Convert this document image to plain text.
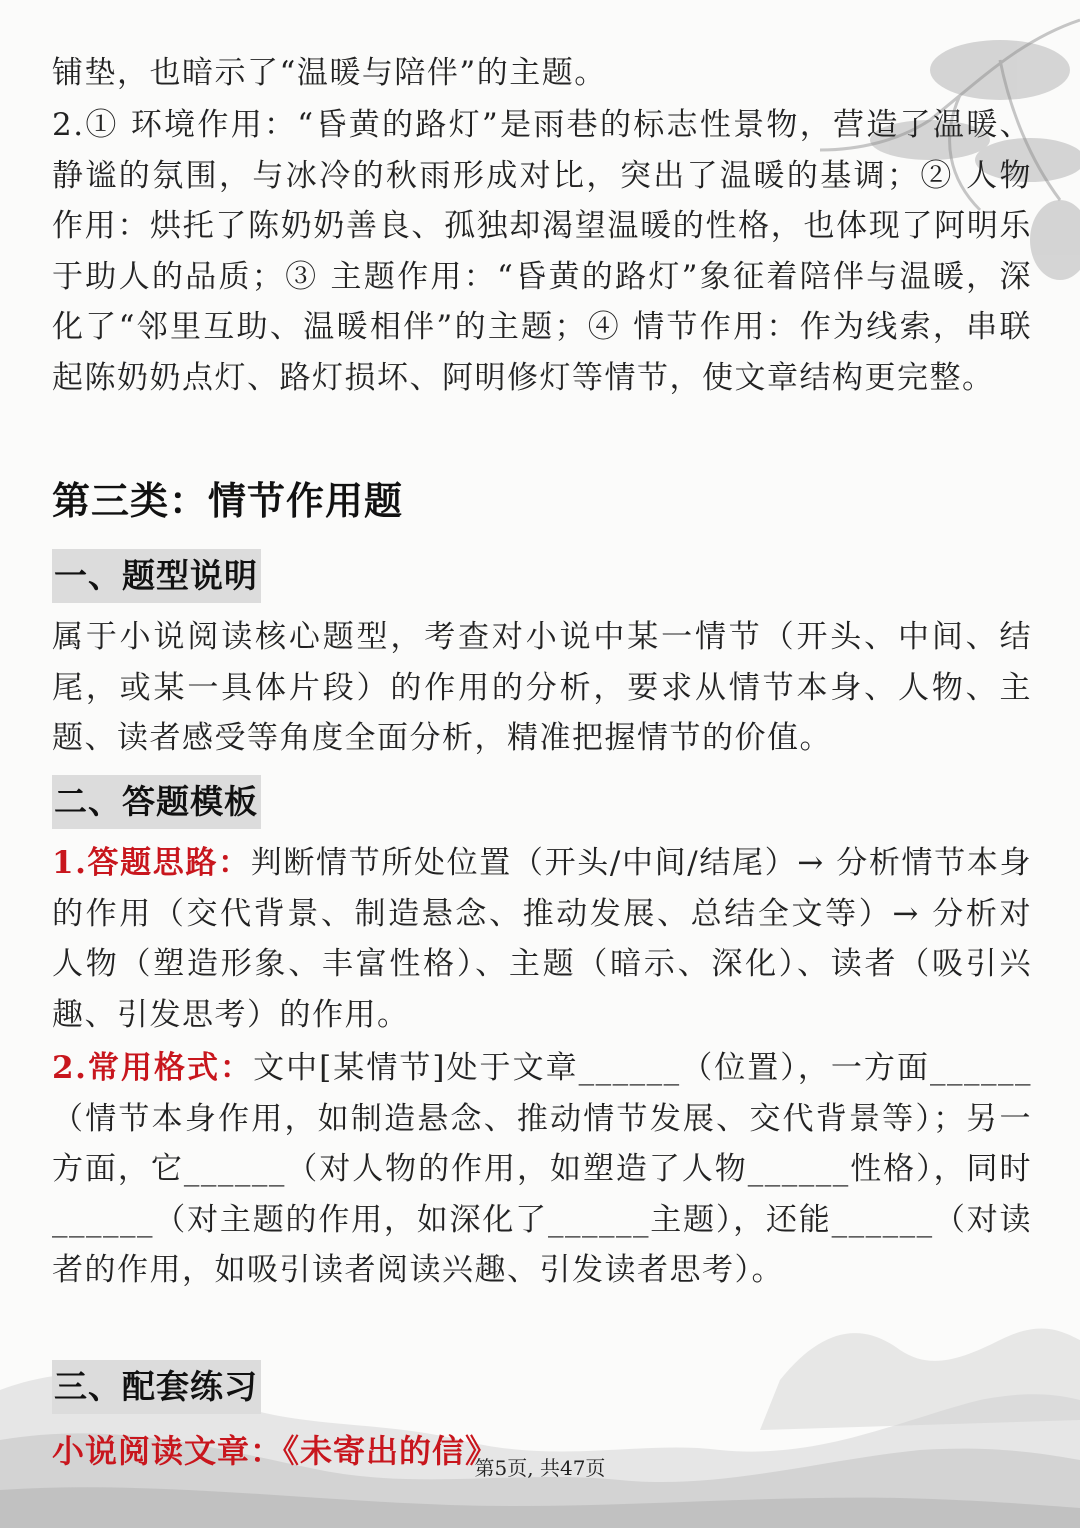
铺垫，也暗示了“温暖与陪伴”的主题。

2.① 环境作用：“昏黄的路灯”是雨巷的标志性景物，营造了温暖、静谧的氛围，与冰冷的秋雨形成对比，突出了温暖的基调；② 人物作用：烘托了陈奶奶善良、孤独却渴望温暖的性格，也体现了阿明乐于助人的品质；③ 主题作用：“昏黄的路灯”象征着陪伴与温暖，深化了“邻里互助、温暖相伴”的主题；④ 情节作用：作为线索，串联起陈奶奶点灯、路灯损坏、阿明修灯等情节，使文章结构更完整。

第三类：情节作用题
一、题型说明

属于小说阅读核心题型，考查对小说中某一情节（开头、中间、结尾，或某一具体片段）的作用的分析，要求从情节本身、人物、主题、读者感受等角度全面分析，精准把握情节的价值。

二、答题模板

1.答题思路：判断情节所处位置（开头/中间/结尾）→ 分析情节本身的作用（交代背景、制造悬念、推动发展、总结全文等）→ 分析对人物（塑造形象、丰富性格）、主题（暗示、深化）、读者（吸引兴趣、引发思考）的作用。

2.常用格式：文中[某情节]处于文章______（位置），一方面______（情节本身作用，如制造悬念、推动情节发展、交代背景等）；另一方面，它______（对人物的作用，如塑造了人物______性格），同时______（对主题的作用，如深化了______主题），还能______（对读者的作用，如吸引读者阅读兴趣、引发读者思考）。

三、配套练习

小说阅读文章：《未寄出的信》

第5页, 共47页
